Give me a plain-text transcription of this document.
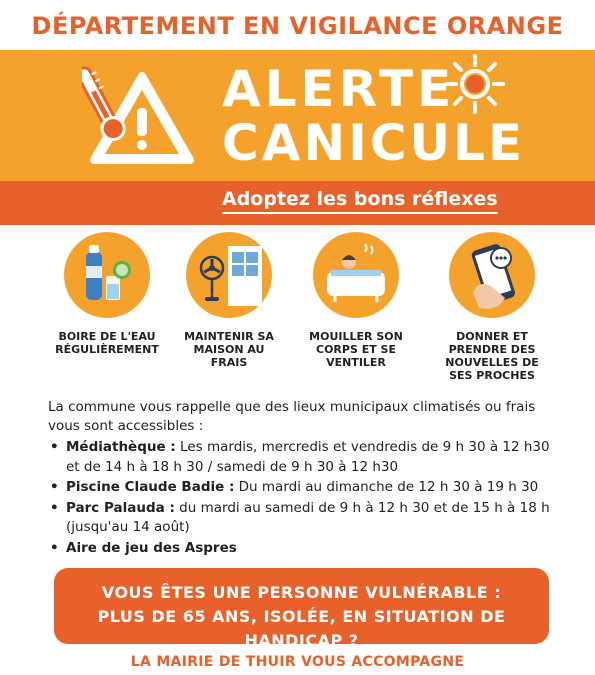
DÉPARTEMENT EN VIGILANCE ORANGE
ALERTE
CANICULE
Adoptez les bons réflexes
BOIRE DE L'EAU
RÉGULIÈREMENT
MAINTENIR SA
MAISON AU
FRAIS
MOUILLER SON
CORPS ET SE
VENTILER
DONNER ET
PRENDRE DES
NOUVELLES DE
SES PROCHES

La commune vous rappelle que des lieux municipaux climatisés ou frais vous sont accessibles :

• Médiathèque : Les mardis, mercredis et vendredis de 9 h 30 à 12 h30 et de 14 h à 18 h 30 / samedi de 9 h 30 à 12 h30
• Piscine Claude Badie : Du mardi au dimanche de 12 h 30 à 19 h 30
• Parc Palauda : du mardi au samedi de 9 h à 12 h 30 et de 15 h à 18 h (jusqu'au 14 août)
• Aire de jeu des Aspres
VOUS ÊTES UNE PERSONNE VULNÉRABLE :
PLUS DE 65 ANS, ISOLÉE, EN SITUATION DE HANDICAP ?
LA MAIRIE DE THUIR VOUS ACCOMPAGNE
